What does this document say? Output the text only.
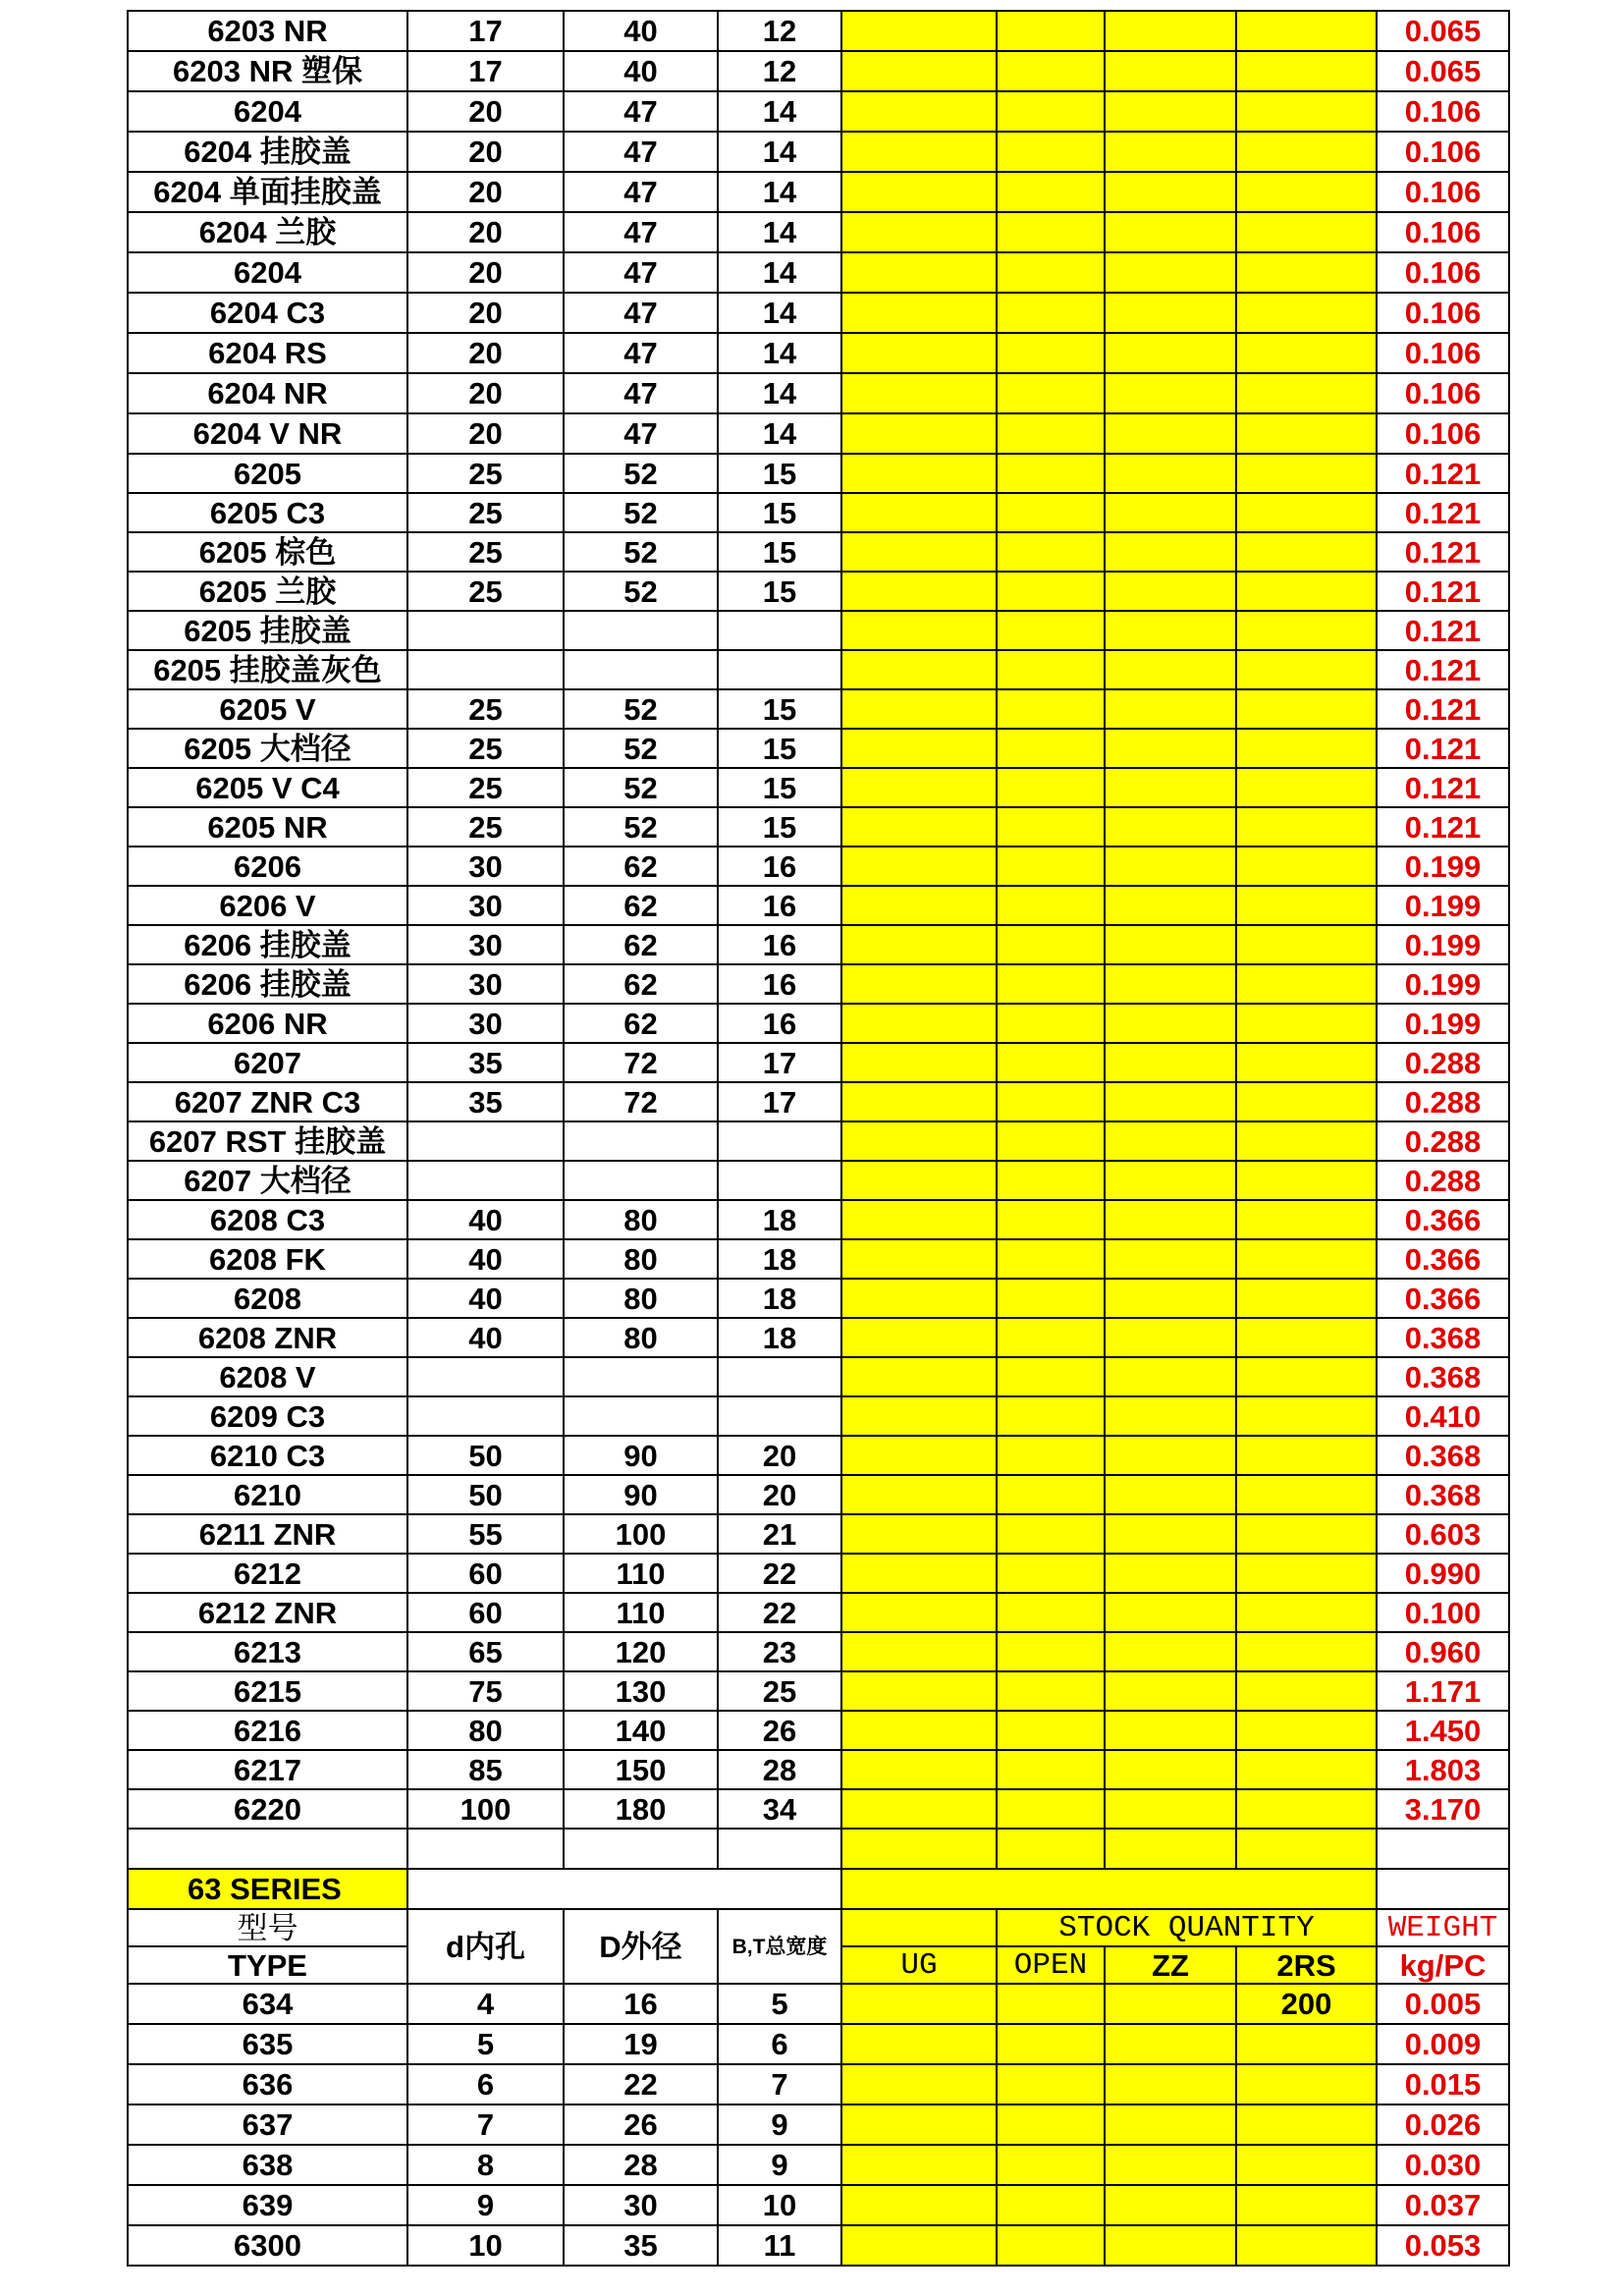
6203 NR	17	40	12					0.065
6203 NR 塑保	17	40	12					0.065
6204	20	47	14					0.106
6204 挂胶盖	20	47	14					0.106
6204 单面挂胶盖	20	47	14					0.106
6204 兰胶	20	47	14					0.106
6204	20	47	14					0.106
6204 C3	20	47	14					0.106
6204 RS	20	47	14					0.106
6204 NR	20	47	14					0.106
6204 V NR	20	47	14					0.106
6205	25	52	15					0.121
6205 C3	25	52	15					0.121
6205 棕色	25	52	15					0.121
6205 兰胶	25	52	15					0.121
6205 挂胶盖								0.121
6205 挂胶盖灰色								0.121
6205 V	25	52	15					0.121
6205 大档径	25	52	15					0.121
6205 V C4	25	52	15					0.121
6205 NR	25	52	15					0.121
6206	30	62	16					0.199
6206 V	30	62	16					0.199
6206 挂胶盖	30	62	16					0.199
6206 挂胶盖	30	62	16					0.199
6206 NR	30	62	16					0.199
6207	35	72	17					0.288
6207 ZNR C3	35	72	17					0.288
6207 RST 挂胶盖								0.288
6207 大档径								0.288
6208 C3	40	80	18					0.366
6208 FK	40	80	18					0.366
6208	40	80	18					0.366
6208 ZNR	40	80	18					0.368
6208 V								0.368
6209 C3								0.410
6210 C3	50	90	20					0.368
6210	50	90	20					0.368
6211 ZNR	55	100	21					0.603
6212	60	110	22					0.990
6212 ZNR	60	110	22					0.100
6213	65	120	23					0.960
6215	75	130	25					1.171
6216	80	140	26					1.450
6217	85	150	28					1.803
6220	100	180	34					3.170

63 SERIES								
型号	d内孔	D外径	B,T总宽度		STOCK QUANTITY			WEIGHT
TYPE				UG	OPEN	ZZ	2RS	kg/PC
634	4	16	5				200	0.005
635	5	19	6					0.009
636	6	22	7					0.015
637	7	26	9					0.026
638	8	28	9					0.030
639	9	30	10					0.037
6300	10	35	11					0.053
